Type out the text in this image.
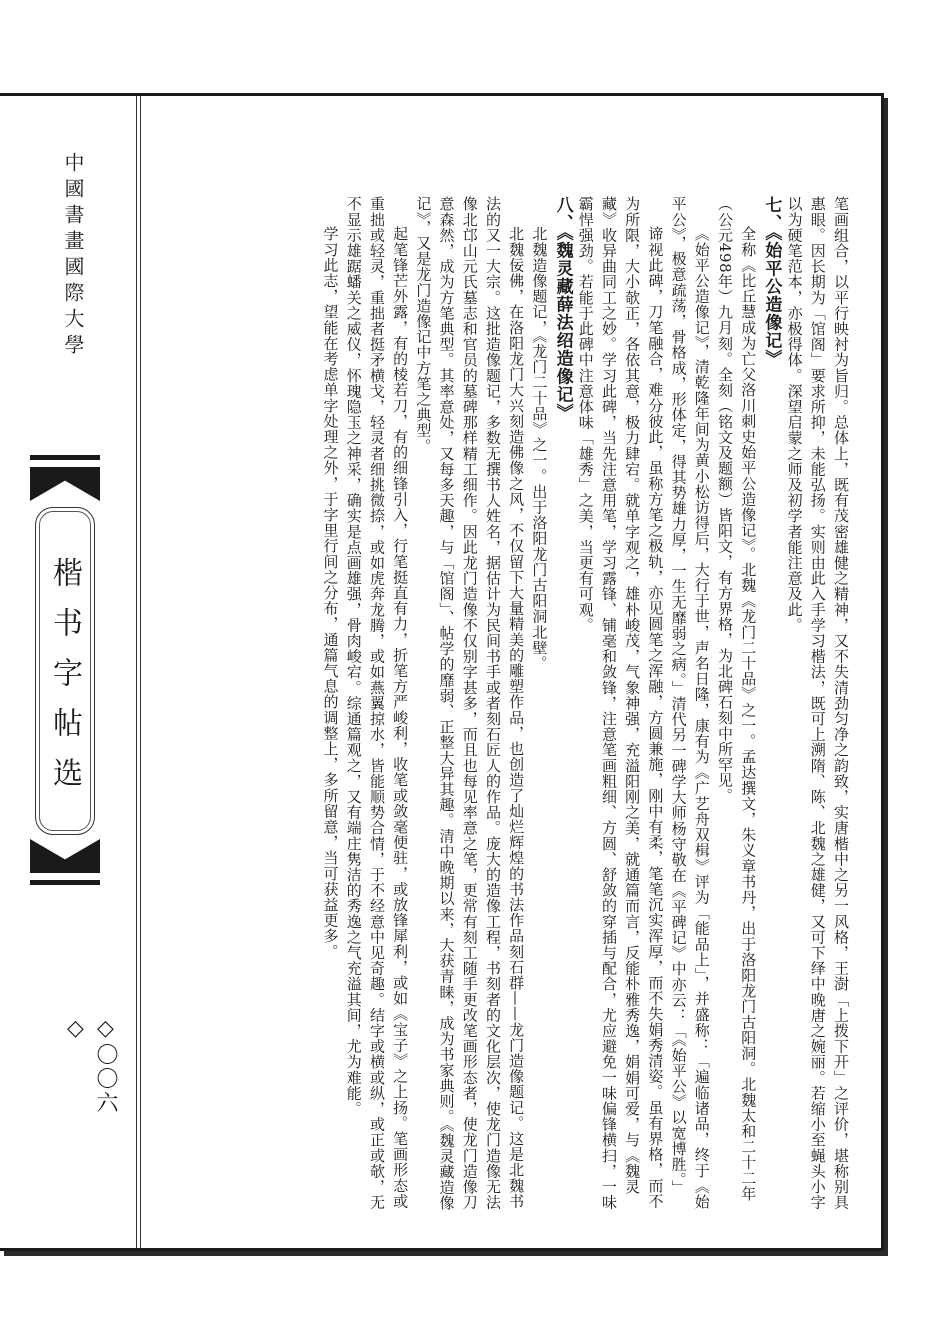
中國書畫國際大學
楷书字帖选
◇〇〇六◇	笔画组合，以平行映衬为旨归。总体上，既有茂密雄健之精神，又不失清劲匀净之韵致，实唐楷中之另一风格，王澍「上拨下开」之评价，堪称别具惠眼。因长期为「馆阁」要求所抑，未能弘扬。实则由此入手学习楷法，既可上溯隋、陈、北魏之雄健，又可下绎中晚唐之婉丽。若缩小至蝇头小字以为硬笔范本，亦极得体。深望启蒙之师及初学者能注意及此。

七、《始平公造像记》

全称《比丘慧成为亡父洛川刺史始平公造像记》。北魏《龙门二十品》之一。孟达撰文，朱义章书丹，出于洛阳龙门古阳洞。北魏太和二十二年（公元498年）九月刻。全刻（铭文及题额）皆阳文，有方界格，为北碑石刻中所罕见。

《始平公造像记》，清乾隆年间为黄小松访得后，大行于世，声名日隆，康有为《广艺舟双楫》评为「能品上」，并盛称：「遍临诸品，终于《始平公》，极意疏荡，骨格成，形体定，得其势雄力厚，一生无靡弱之病。」清代另一碑学大师杨守敬在《平碑记》中亦云：「《始平公》以宽博胜。」

谛视此碑，刀笔融合，难分彼此，虽称方笔之极轨，亦见圆笔之浑融，方圆兼施，刚中有柔，笔笔沉实浑厚，而不失娟秀清姿。虽有界格，而不为所限，大小欹正，各依其意，极力肆宕。就单字观之，雄朴峻茂，气象神强，充溢阳刚之美，就通篇而言，反能朴雅秀逸，娟娟可爱，与《魏灵藏》收异曲同工之妙。学习此碑，当先注意用笔，学习露锋、铺毫和敛锋，注意笔画粗细、方圆、舒敛的穿插与配合，尤应避免一味偏锋横扫，一味霸悍强劲。若能于此碑中注意体味「雄秀」之美，当更有可观。

八、《魏灵藏薛法绍造像记》

北魏造像题记，《龙门二十品》之一。出于洛阳龙门古阳洞北壁。

北魏佞佛，在洛阳龙门大兴刻造佛像之风，不仅留下大量精美的雕塑作品，也创造了灿烂辉煌的书法作品刻石群——龙门造像题记。这是北魏书法的又一大宗。这批造像题记，多数无撰书人姓名，据估计为民间书手或者刻石匠人的作品。庞大的造像工程，书刻者的文化层次，使龙门造像无法像北邙山元氏墓志和官员的墓碑那样精工细作。因此龙门造像不仅别字甚多，而且也每见率意之笔，更常有刻工随手更改笔画形态者，使龙门造像刀意森然，成为方笔典型。其率意处，又每多天趣，与「馆阁」、帖学的靡弱、正整大异其趣。清中晚期以来，大获青睐，成为书家典则。《魏灵藏造像记》，又是龙门造像记中方笔之典型。

起笔锋芒外露，有的棱若刀，有的细锋引入，行笔挺直有力，折笔方严峻利，收笔或敛毫便驻，或放锋犀利，或如《宝子》之上扬。笔画形态或重拙或轻灵，重拙者挺矛横戈，轻灵者细挑微捺，或如虎奔龙腾，或如燕翼掠水，皆能顺势合情，于不经意中见奇趣。结字或横或纵，或正或欹，无不显示雄踞蟠关之威仪，怀瑰隐玉之神采，确实是点画雄强，骨肉峻宕。综通篇观之，又有端庄隽洁的秀逸之气充溢其间，尤为难能。

学习此志，望能在考虑单字处理之外，于字里行间之分布，通篇气息的调整上，多所留意，当可获益更多。
